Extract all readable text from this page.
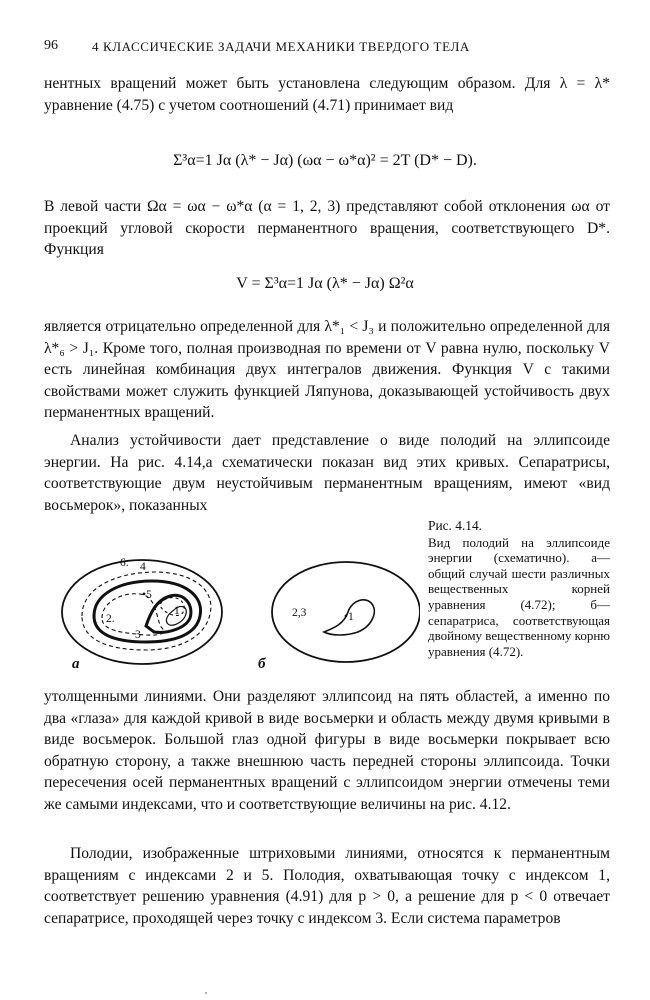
96	4 КЛАССИЧЕСКИЕ ЗАДАЧИ МЕХАНИКИ ТВЕРДОГО ТЕЛА

нентных вращений может быть установлена следующим образом. Для λ = λ* уравнение (4.75) с учетом соотношений (4.71) принимает вид

Σ³α=1 Jα (λ* − Jα) (ωα − ω*α)² = 2T (D* − D).

В левой части Ωα = ωα − ω*α (α = 1, 2, 3) представляют собой отклонения ωα от проекций угловой скорости перманентного вращения, соответствующего D*. Функция

V = Σ³α=1 Jα (λ* − Jα) Ω²α

является отрицательно определенной для λ*₁ < J₃ и положительно определенной для λ*₆ > J₁. Кроме того, полная производная по времени от V равна нулю, поскольку V есть линейная комбинация двух интегралов движения. Функция V с такими свойствами может служить функцией Ляпунова, доказывающей устойчивость двух перманентных вращений.

Анализ устойчивости дает представление о виде полодий на эллипсоиде энергии. На рис. 4.14,а схематически показан вид этих кривых. Сепаратрисы, соответствующие двум неустойчивым перманентным вращениям, имеют «вид восьмерок», показанных

6. 4
•5
2.
1
3
2,3	•1
а	б
Рис. 4.14.
Вид полодий на эллипсоиде энергии (схематично). а—общий случай шести различных вещественных корней уравнения (4.72); б—сепаратриса, соответствующая двойному вещественному корню уравнения (4.72).

утолщенными линиями. Они разделяют эллипсоид на пять областей, а именно по два «глаза» для каждой кривой в виде восьмерки и область между двумя кривыми в виде восьмерок. Большой глаз одной фигуры в виде восьмерки покрывает всю обратную сторону, а также внешнюю часть передней стороны эллипсоида. Точки пересечения осей перманентных вращений с эллипсоидом энергии отмечены теми же самыми индексами, что и соответствующие величины на рис. 4.12.

Полодии, изображенные штриховыми линиями, относятся к перманентным вращениям с индексами 2 и 5. Полодия, охватывающая точку с индексом 1, соответствует решению уравнения (4.91) для p > 0, а решение для p < 0 отвечает сепаратрисе, проходящей через точку с индексом 3. Если система параметров
